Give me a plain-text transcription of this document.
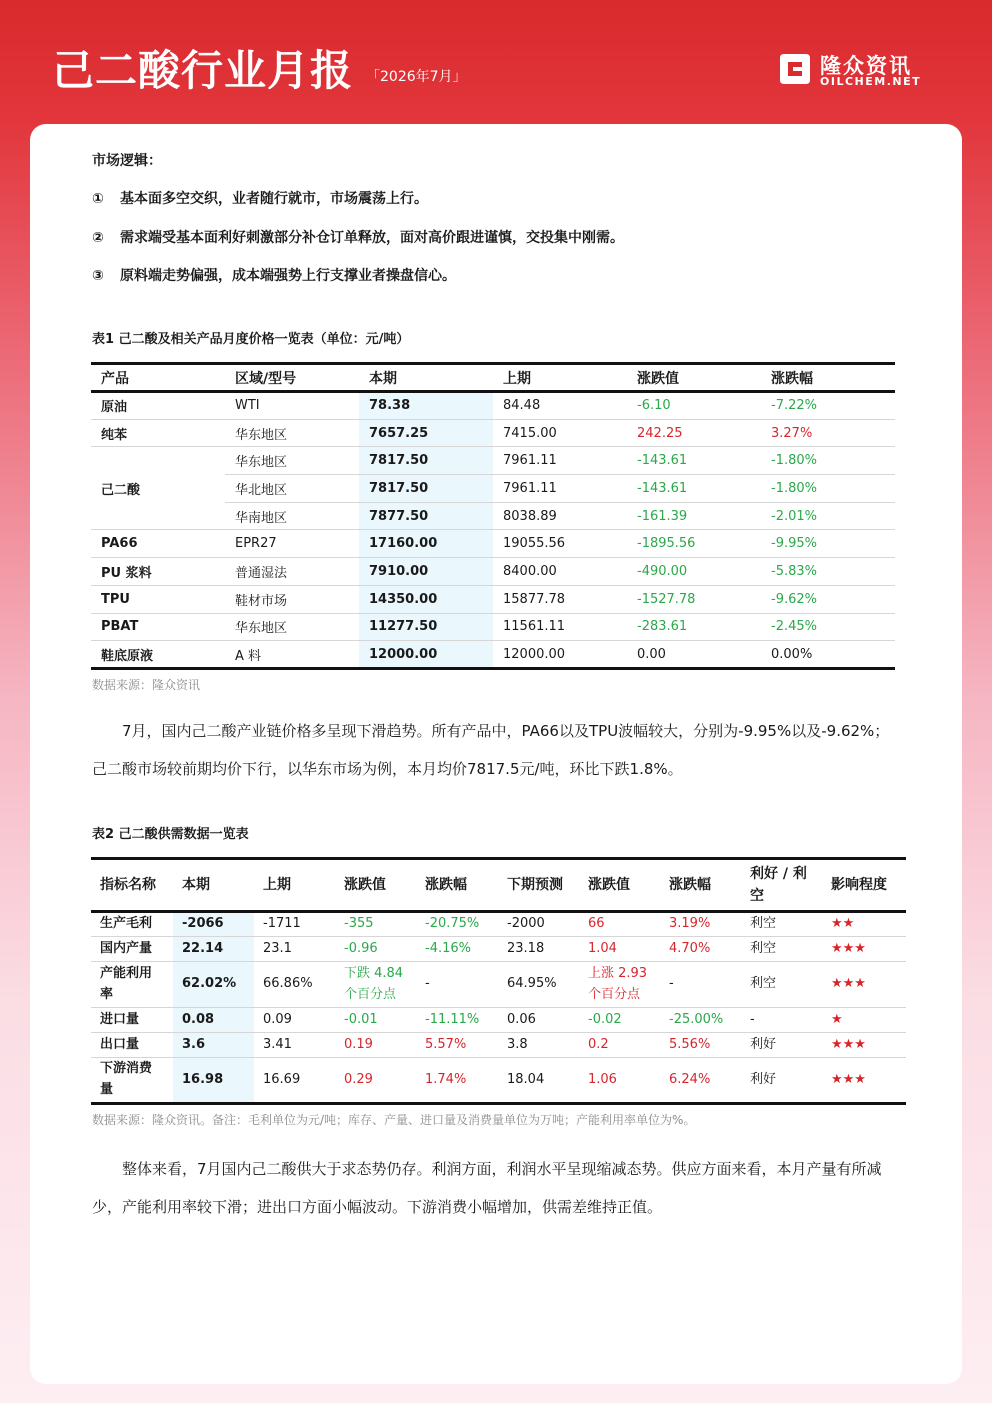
己二酸行业月报 「2026年7月」	隆众资讯
OILCHEM.NET
市场逻辑：
① 基本面多空交织，业者随行就市，市场震荡上行。
② 需求端受基本面利好刺激部分补仓订单释放，面对高价跟进谨慎，交投集中刚需。
③ 原料端走势偏强，成本端强势上行支撑业者操盘信心。
表1 己二酸及相关产品月度价格一览表（单位：元/吨）
产品	区域/型号	本期	上期	涨跌值	涨跌幅
原油	WTI	78.38	84.48	-6.10	-7.22%
纯苯	华东地区	7657.25	7415.00	242.25	3.27%
己二酸	华东地区	7817.50	7961.11	-143.61	-1.80%
	华北地区	7817.50	7961.11	-143.61	-1.80%
	华南地区	7877.50	8038.89	-161.39	-2.01%
PA66	EPR27	17160.00	19055.56	-1895.56	-9.95%
PU 浆料	普通湿法	7910.00	8400.00	-490.00	-5.83%
TPU	鞋材市场	14350.00	15877.78	-1527.78	-9.62%
PBAT	华东地区	11277.50	11561.11	-283.61	-2.45%
鞋底原液	A 料	12000.00	12000.00	0.00	0.00%
数据来源：隆众资讯
7月，国内己二酸产业链价格多呈现下滑趋势。所有产品中，PA66以及TPU波幅较大，分别为-9.95%以及-9.62%；己二酸市场较前期均价下行，以华东市场为例，本月均价7817.5元/吨，环比下跌1.8%。
表2 己二酸供需数据一览表
指标名称	本期	上期	涨跌值	涨跌幅	下期预测	涨跌值	涨跌幅	利好 / 利空	影响程度
生产毛利	-2066	-1711	-355	-20.75%	-2000	66	3.19%	利空	★★
国内产量	22.14	23.1	-0.96	-4.16%	23.18	1.04	4.70%	利空	★★★
产能利用率	62.02%	66.86%	下跌 4.84 个百分点	-	64.95%	上涨 2.93 个百分点	-	利空	★★★
进口量	0.08	0.09	-0.01	-11.11%	0.06	-0.02	-25.00%	-	★
出口量	3.6	3.41	0.19	5.57%	3.8	0.2	5.56%	利好	★★★
下游消费量	16.98	16.69	0.29	1.74%	18.04	1.06	6.24%	利好	★★★
数据来源：隆众资讯。备注：毛利单位为元/吨；库存、产量、进口量及消费量单位为万吨；产能利用率单位为%。
整体来看，7月国内己二酸供大于求态势仍存。利润方面，利润水平呈现缩减态势。供应方面来看，本月产量有所减少，产能利用率较下滑；进出口方面小幅波动。下游消费小幅增加，供需差维持正值。
